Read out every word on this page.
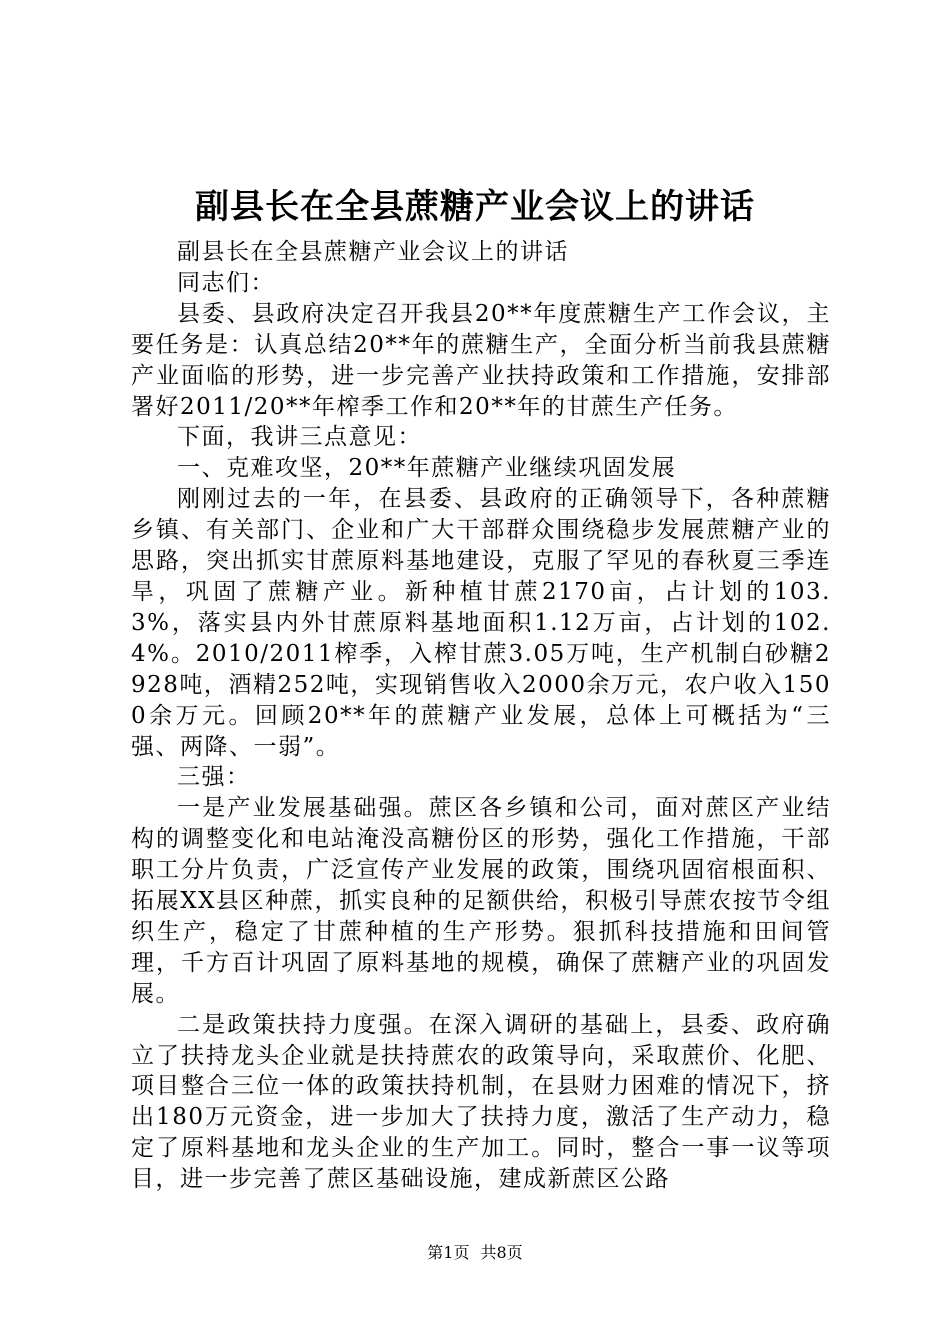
副县长在全县蔗糖产业会议上的讲话

副县长在全县蔗糖产业会议上的讲话

同志们：

县委、县政府决定召开我县20**年度蔗糖生产工作会议，主要任务是：认真总结20**年的蔗糖生产，全面分析当前我县蔗糖产业面临的形势，进一步完善产业扶持政策和工作措施，安排部署好2011/20**年榨季工作和20**年的甘蔗生产任务。

下面，我讲三点意见：

一、克难攻坚，20**年蔗糖产业继续巩固发展

刚刚过去的一年，在县委、县政府的正确领导下，各种蔗糖乡镇、有关部门、企业和广大干部群众围绕稳步发展蔗糖产业的思路，突出抓实甘蔗原料基地建设，克服了罕见的春秋夏三季连旱，巩固了蔗糖产业。新种植甘蔗2170亩，占计划的103.3%，落实县内外甘蔗原料基地面积1.12万亩，占计划的102.4%。2010/2011榨季，入榨甘蔗3.05万吨，生产机制白砂糖2928吨，酒精252吨，实现销售收入2000余万元，农户收入1500余万元。回顾20**年的蔗糖产业发展，总体上可概括为“三强、两降、一弱”。

三强：

一是产业发展基础强。蔗区各乡镇和公司，面对蔗区产业结构的调整变化和电站淹没高糖份区的形势，强化工作措施，干部职工分片负责，广泛宣传产业发展的政策，围绕巩固宿根面积、拓展XX县区种蔗，抓实良种的足额供给，积极引导蔗农按节令组织生产，稳定了甘蔗种植的生产形势。狠抓科技措施和田间管理，千方百计巩固了原料基地的规模，确保了蔗糖产业的巩固发展。

二是政策扶持力度强。在深入调研的基础上，县委、政府确立了扶持龙头企业就是扶持蔗农的政策导向，采取蔗价、化肥、项目整合三位一体的政策扶持机制，在县财力困难的情况下，挤出180万元资金，进一步加大了扶持力度，激活了生产动力，稳定了原料基地和龙头企业的生产加工。同时，整合一事一议等项目，进一步完善了蔗区基础设施，建成新蔗区公路

第1页 共8页
